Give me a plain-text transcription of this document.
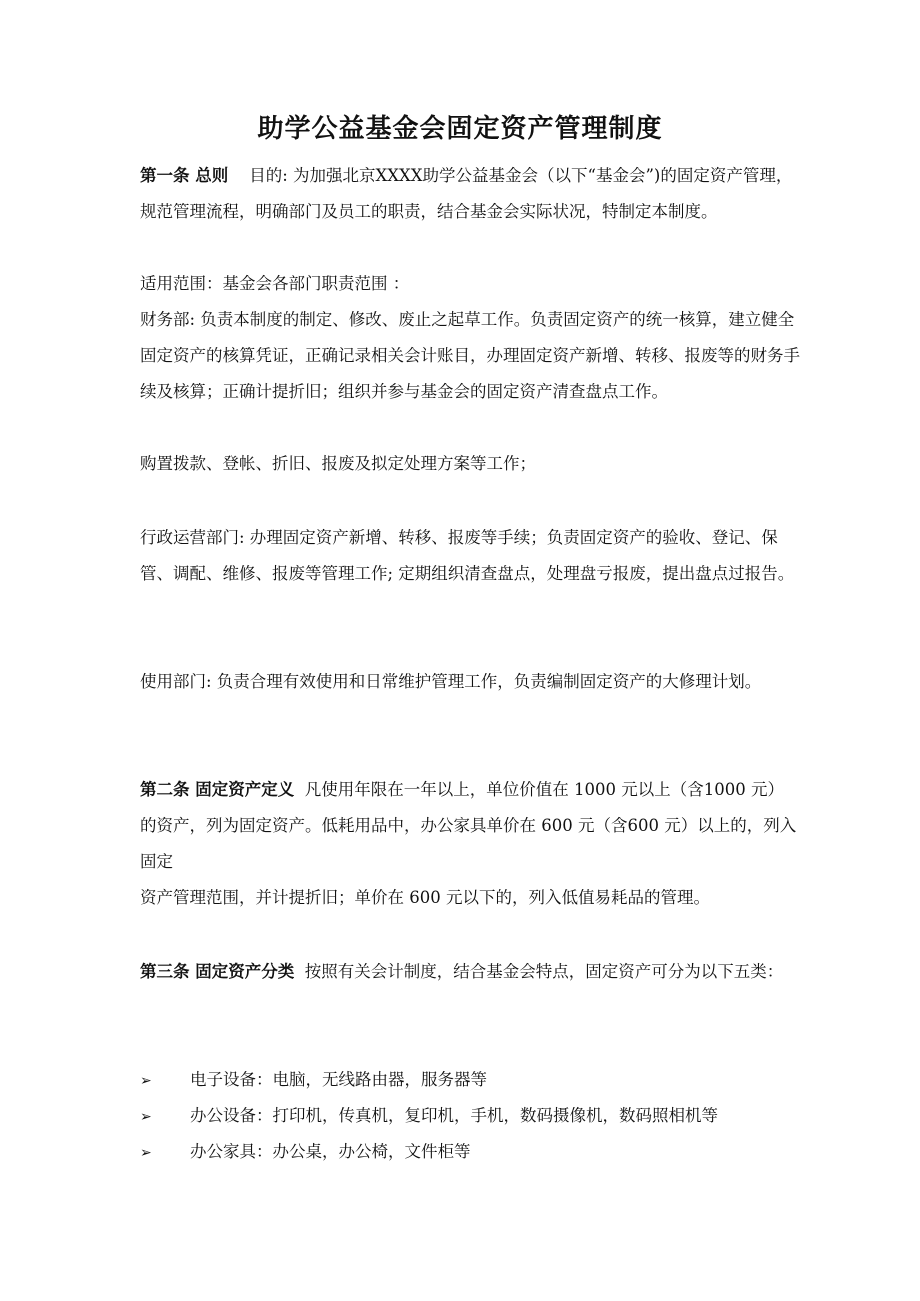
助学公益基金会固定资产管理制度

第一条 总则 目的: 为加强北京XXXX助学公益基金会（以下“基金会”)的固定资产管理，规范管理流程，明确部门及员工的职责，结合基金会实际状况，特制定本制度。

适用范围：基金会各部门职责范围 ：

财务部: 负责本制度的制定、修改、废止之起草工作。负责固定资产的统一核算，建立健全固定资产的核算凭证，正确记录相关会计账目，办理固定资产新增、转移、报废等的财务手续及核算；正确计提折旧；组织并参与基金会的固定资产清查盘点工作。

购置拨款、登帐、折旧、报废及拟定处理方案等工作；

行政运营部门: 办理固定资产新增、转移、报废等手续；负责固定资产的验收、登记、保管、调配、维修、报废等管理工作; 定期组织清查盘点，处理盘亏报废，提出盘点过报告。

使用部门: 负责合理有效使用和日常维护管理工作，负责编制固定资产的大修理计划。

第二条 固定资产定义 凡使用年限在一年以上，单位价值在 1000 元以上（含1000 元）的资产，列为固定资产。低耗用品中，办公家具单价在 600 元（含600 元）以上的，列入固定

资产管理范围，并计提折旧；单价在 600 元以下的，列入低值易耗品的管理。

第三条 固定资产分类 按照有关会计制度，结合基金会特点，固定资产可分为以下五类：

➢ 电子设备：电脑，无线路由器，服务器等
➢ 办公设备：打印机，传真机，复印机，手机，数码摄像机，数码照相机等
➢ 办公家具：办公桌，办公椅，文件柜等
